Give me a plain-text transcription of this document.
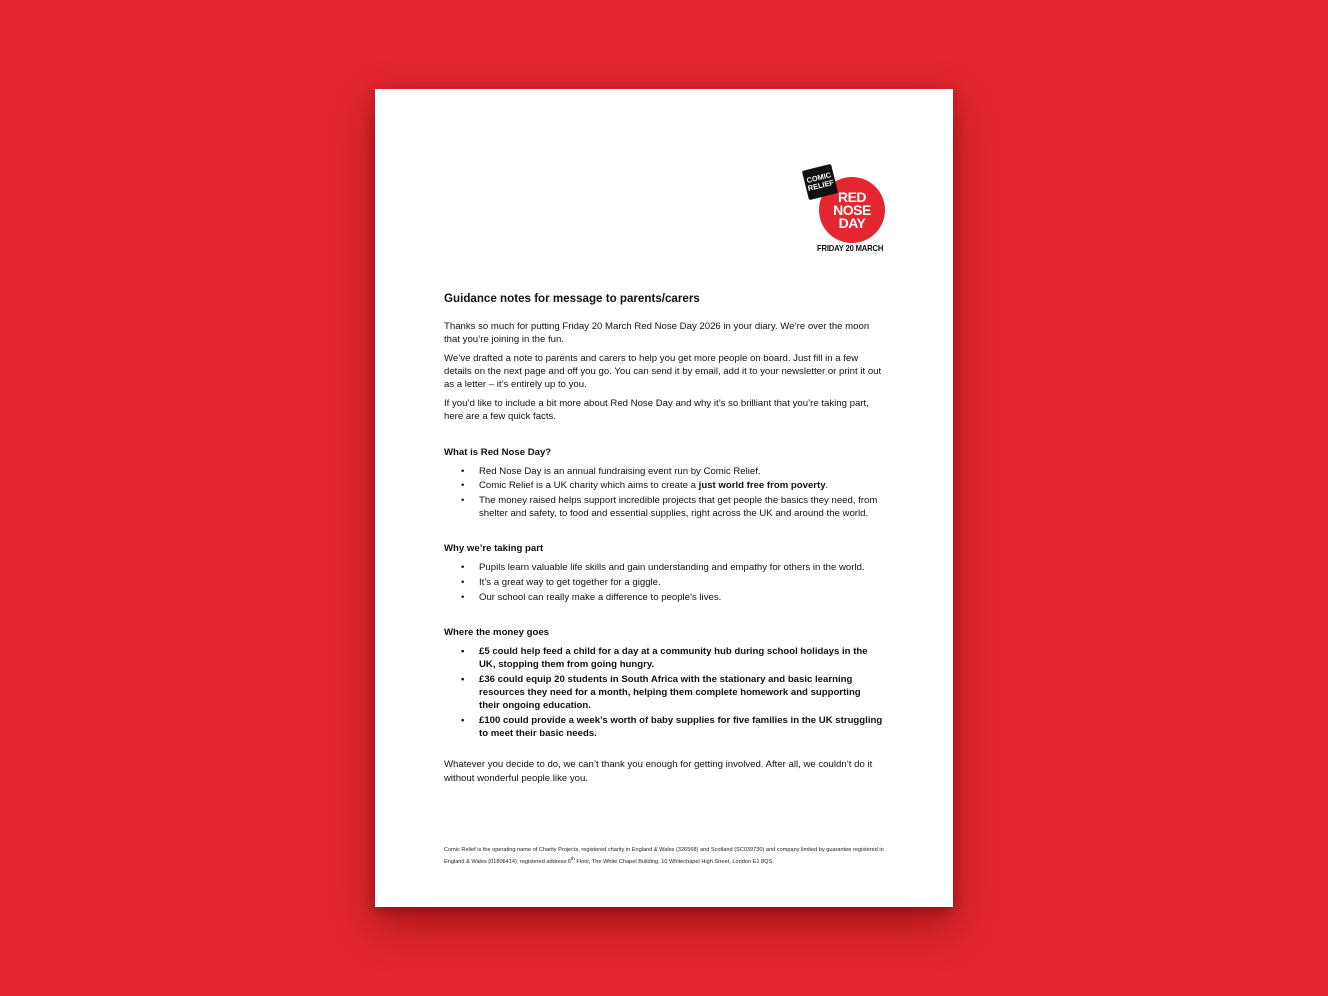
COMIC RELIEF
RED NOSE DAY
FRIDAY 20 MARCH
Guidance notes for message to parents/carers

Thanks so much for putting Friday 20 March Red Nose Day 2026 in your diary. We’re over the moon that you’re joining in the fun.

We’ve drafted a note to parents and carers to help you get more people on board. Just fill in a few details on the next page and off you go. You can send it by email, add it to your newsletter or print it out as a letter – it’s entirely up to you.

If you’d like to include a bit more about Red Nose Day and why it’s so brilliant that you’re taking part, here are a few quick facts.

What is Red Nose Day?
• Red Nose Day is an annual fundraising event run by Comic Relief.
• Comic Relief is a UK charity which aims to create a just world free from poverty.
• The money raised helps support incredible projects that get people the basics they need, from shelter and safety, to food and essential supplies, right across the UK and around the world.
Why we’re taking part
• Pupils learn valuable life skills and gain understanding and empathy for others in the world.
• It’s a great way to get together for a giggle.
• Our school can really make a difference to people’s lives.
Where the money goes
• £5 could help feed a child for a day at a community hub during school holidays in the UK, stopping them from going hungry.
• £36 could equip 20 students in South Africa with the stationary and basic learning resources they need for a month, helping them complete homework and supporting their ongoing education.
• £100 could provide a week’s worth of baby supplies for five families in the UK struggling to meet their basic needs.

Whatever you decide to do, we can’t thank you enough for getting involved. After all, we couldn’t do it without wonderful people like you.

Comic Relief is the operating name of Charity Projects, registered charity in England & Wales (326568) and Scotland (SC039730) and company limited by guarantee registered in England & Wales (01806414), registered address 6th Floor, The White Chapel Building, 10 Whitechapel High Street, London E1 8QS.
